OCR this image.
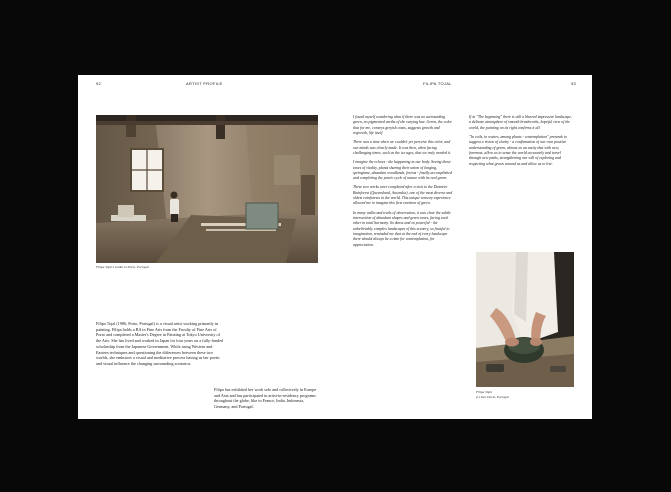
92	ARTIST PROFILE
Filipa Tojal's studio in Porto, Portugal

Filipa Tojal (1986, Porto, Portugal) is a visual artist working primarily in painting. Filipa holds a BA in Fine Arts from the Faculty of Fine Arts of Porto and completed a Master's Degree in Painting at Tokyo University of the Arts. She has lived and worked in Japan for four years on a fully-funded scholarship from the Japanese Government. While using Western and Eastern techniques and questioning the differences between these two worlds, she embraces a visual and meditative process having as her poetic and visual influence the changing surrounding scenarios.

Filipa has exhibited her work solo and collectively in Europe and Asia and has participated in artist-in-residency programs throughout the globe, like in France, India, Indonesia, Germany, and Portugal.

FILIPA TOJAL	93

I found myself wondering what if there was no surrounding green, no pigmented earths of the varying hue. Green, the color that for me, conveys greyish coats, suggests growth and regrowth, life itself.

There was a time when we couldn't yet perceive this color, and our minds was clearly made. It was then, when facing challenging times, such as the ice ages, that we truly needed it.

I imagine the echoes - the happening in our body. Seeing those tones of vitality, plants sharing their union of longing, springtime, abundant woodlands, forests - finally accomplished and completing the poetic cycle of nature with its real green.

These two works were completed after a visit to the Daintree Rainforest (Queensland, Australia), one of the most diverse and oldest rainforests in the world. This unique sensory experience allowed me to imagine this first envision of green.

In many walks and trails of observation, it was clear the subtle intersection of abundant shapes and green tones, facing each other in total harmony. So dense and so powerful - the unbelievably complex landscapes of this scenery, so fruitful to imagination, reminded me that at the end of every landscape there should always be a time for contemplation, for appreciation.

If in "The beginning" there is still a blurred impressive landscape, a delicate atmosphere of smooth brushworks, hopeful view of the world, the painting on its right confirms it all.

"In coils, in waters, among plants - contemplation" pretends to suggest a vision of clarity - a confirmation of our own positive understanding of green, almost as an entity that with new, foremost, allow us to sense the world accurately and travel through new paths, strengthening our will of exploring and respecting what grows around us and allow us to live.

Filipa Tojal
(c) Ines Dorta, Portugal
